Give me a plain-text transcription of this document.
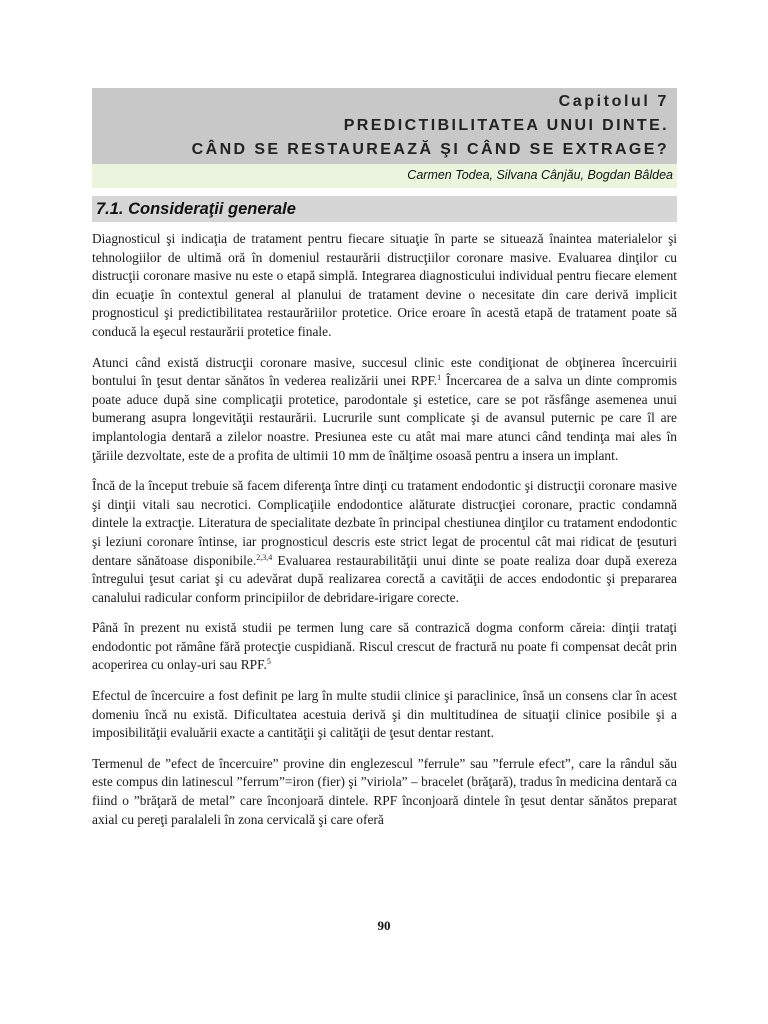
Capitolul 7
PREDICTIBILITATEA UNUI DINTE.
CÂND SE RESTAUREAZĂ ŞI CÂND SE EXTRAGE?
Carmen Todea, Silvana Cânjău, Bogdan Bâldea
7.1. Consideraţii generale

Diagnosticul şi indicaţia de tratament pentru fiecare situaţie în parte se situează înaintea materialelor şi tehnologiilor de ultimă oră în domeniul restaurării distrucţiilor coronare masive. Evaluarea dinţilor cu distrucţii coronare masive nu este o etapă simplă. Integrarea diagnosticului individual pentru fiecare element din ecuaţie în contextul general al planului de tratament devine o necesitate din care derivă implicit prognosticul şi predictibilitatea restaurăriilor protetice. Orice eroare în acestă etapă de tratament poate să conducă la eşecul restaurării protetice finale.

Atunci când există distrucţii coronare masive, succesul clinic este condiţionat de obţinerea încercuirii bontului în ţesut dentar sănătos în vederea realizării unei RPF.$^1$ Încercarea de a salva un dinte compromis poate aduce după sine complicaţii protetice, parodontale şi estetice, care se pot răsfânge asemenea unui bumerang asupra longevităţii restaurării. Lucrurile sunt complicate şi de avansul puternic pe care îl are implantologia dentară a zilelor noastre. Presiunea este cu atât mai mare atunci când tendinţa mai ales în ţăriile dezvoltate, este de a profita de ultimii 10 mm de înălţime osoasă pentru a insera un implant.

Încă de la început trebuie să facem diferenţa între dinţi cu tratament endodontic şi distrucţii coronare masive şi dinţii vitali sau necrotici. Complicaţiile endodontice alăturate distrucţiei coronare, practic condamnă dintele la extracţie. Literatura de specialitate dezbate în principal chestiunea dinţilor cu tratament endodontic şi leziuni coronare întinse, iar prognosticul descris este strict legat de procentul cât mai ridicat de ţesuturi dentare sănătoase disponibile.$^{2,3,4}$ Evaluarea restaurabilităţii unui dinte se poate realiza doar după exereza întregului ţesut cariat şi cu adevărat după realizarea corectă a cavităţii de acces endodontic şi prepararea canalului radicular conform principiilor de debridare-irigare corecte.

Până în prezent nu există studii pe termen lung care să contrazică dogma conform căreia: dinţii trataţi endodontic pot rămâne fără protecţie cuspidiană. Riscul crescut de fractură nu poate fi compensat decât prin acoperirea cu onlay-uri sau RPF.$^5$

Efectul de încercuire a fost definit pe larg în multe studii clinice şi paraclinice, însă un consens clar în acest domeniu încă nu există. Dificultatea acestuia derivă şi din multitudinea de situaţii clinice posibile şi a imposibilităţii evaluării exacte a cantităţii şi calităţii de ţesut dentar restant.

Termenul de ”efect de încercuire” provine din englezescul ”ferrule” sau ”ferrule efect”, care la rândul său este compus din latinescul ”ferrum”=iron (fier) şi ”viriola” – bracelet (brăţară), tradus în medicina dentară ca fiind o ”brăţară de metal” care înconjoară dintele. RPF înconjoară dintele în ţesut dentar sănătos preparat axial cu pereţi paralaleli în zona cervicală şi care oferă

90
